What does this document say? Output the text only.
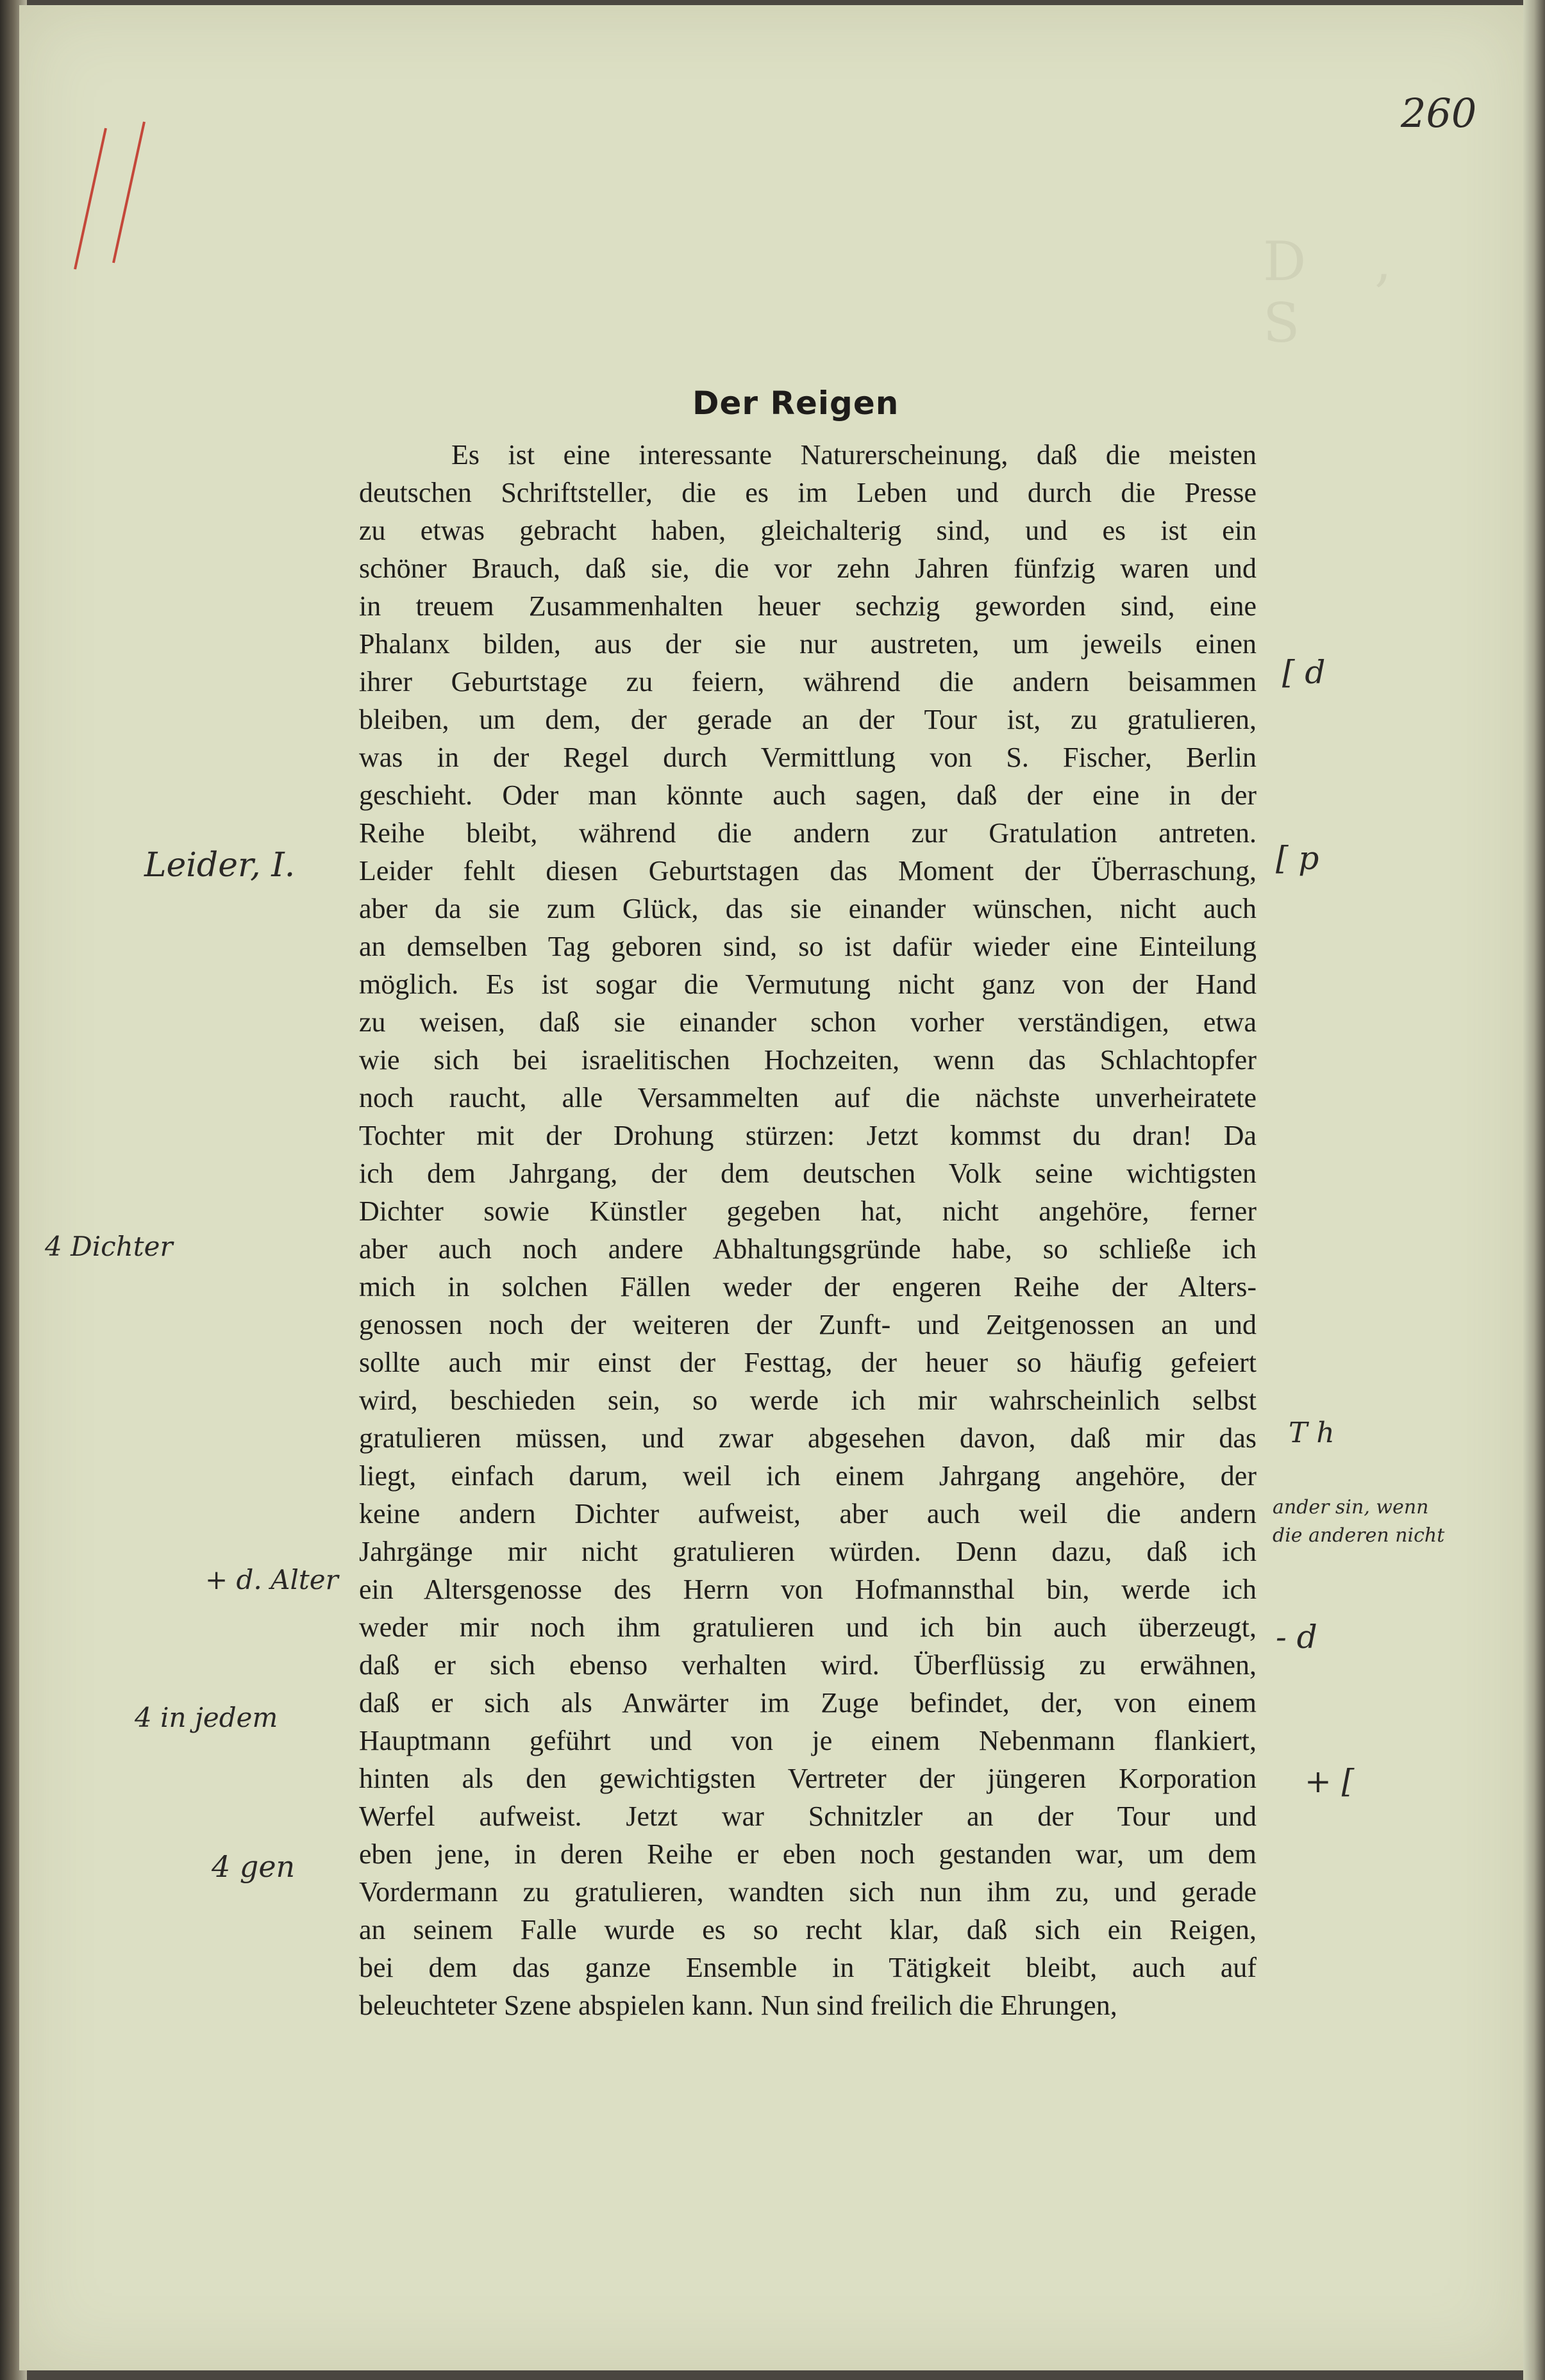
260
Der Reigen
Es ist eine interessante Naturerscheinung, daß die meisten
deutschen Schriftsteller, die es im Leben und durch die Presse
zu etwas gebracht haben, gleichalterig sind, und es ist ein
schöner Brauch, daß sie, die vor zehn Jahren fünfzig waren und
in treuem Zusammenhalten heuer sechzig geworden sind, eine
Phalanx bilden, aus der sie nur austreten, um jeweils einen
ihrer Geburtstage zu feiern, während die andern beisammen
bleiben, um dem, der gerade an der Tour ist, zu gratulieren,
was in der Regel durch Vermittlung von S. Fischer, Berlin
geschieht. Oder man könnte auch sagen, daß der eine in der
Reihe bleibt, während die andern zur Gratulation antreten.
Leider fehlt diesen Geburtstagen das Moment der Überraschung,
aber da sie zum Glück, das sie einander wünschen, nicht auch
an demselben Tag geboren sind, so ist dafür wieder eine Einteilung
möglich. Es ist sogar die Vermutung nicht ganz von der Hand
zu weisen, daß sie einander schon vorher verständigen, etwa
wie sich bei israelitischen Hochzeiten, wenn das Schlachtopfer
noch raucht, alle Versammelten auf die nächste unverheiratete
Tochter mit der Drohung stürzen: Jetzt kommst du dran! Da
ich dem Jahrgang, der dem deutschen Volk seine wichtigsten
Dichter sowie Künstler gegeben hat, nicht angehöre, ferner
aber auch noch andere Abhaltungsgründe habe, so schließe ich
mich in solchen Fällen weder der engeren Reihe der Alters-
genossen noch der weiteren der Zunft- und Zeitgenossen an und
sollte auch mir einst der Festtag, der heuer so häufig gefeiert
wird, beschieden sein, so werde ich mir wahrscheinlich selbst
gratulieren müssen, und zwar abgesehen davon, daß mir das
liegt, einfach darum, weil ich einem Jahrgang angehöre, der
keine andern Dichter aufweist, aber auch weil die andern
Jahrgänge mir nicht gratulieren würden. Denn dazu, daß ich
ein Altersgenosse des Herrn von Hofmannsthal bin, werde ich
weder mir noch ihm gratulieren und ich bin auch überzeugt,
daß er sich ebenso verhalten wird. Überflüssig zu erwähnen,
daß er sich als Anwärter im Zuge befindet, der, von einem
Hauptmann geführt und von je einem Nebenmann flankiert,
hinten als den gewichtigsten Vertreter der jüngeren Korporation
Werfel aufweist. Jetzt war Schnitzler an der Tour und
eben jene, in deren Reihe er eben noch gestanden war, um dem
Vordermann zu gratulieren, wandten sich nun ihm zu, und gerade
an seinem Falle wurde es so recht klar, daß sich ein Reigen,
bei dem das ganze Ensemble in Tätigkeit bleibt, auch auf
beleuchteter Szene abspielen kann. Nun sind freilich die Ehrungen,
Leider, I.
4 Dichter
+ d. Alter
4 in jedem
4 gen
[ d
[ p
T h
ander sin, wenn die anderen nicht
- d
+ [
